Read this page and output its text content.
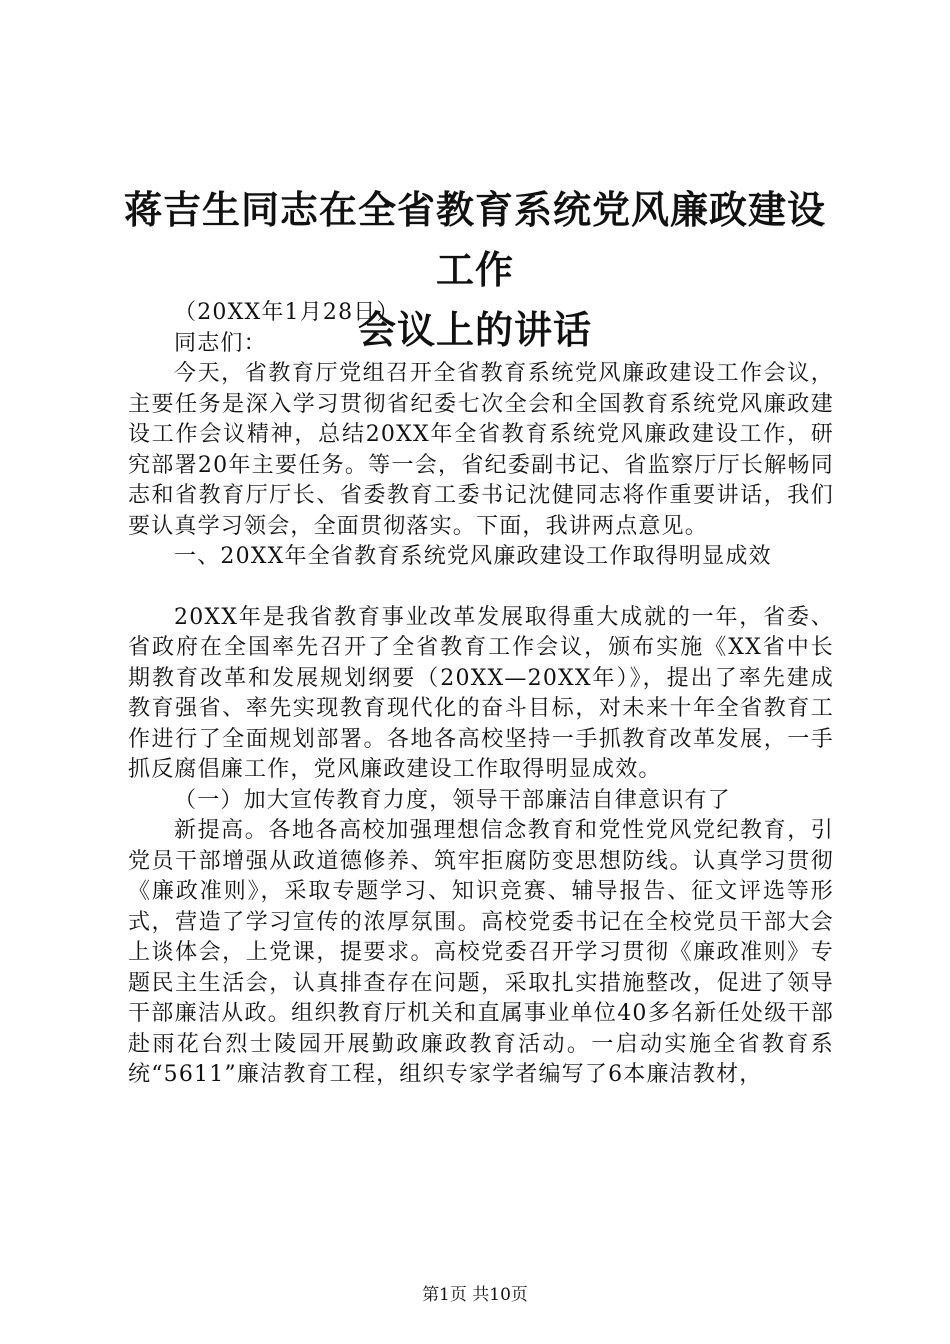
蒋吉生同志在全省教育系统党风廉政建设工作
会议上的讲话

（20XX年1月28日）

同志们：

今天，省教育厅党组召开全省教育系统党风廉政建设工作会议，主要任务是深入学习贯彻省纪委七次全会和全国教育系统党风廉政建设工作会议精神，总结20XX年全省教育系统党风廉政建设工作，研究部署20年主要任务。等一会，省纪委副书记、省监察厅厅长解畅同志和省教育厅厅长、省委教育工委书记沈健同志将作重要讲话，我们要认真学习领会，全面贯彻落实。下面，我讲两点意见。

一、20XX年全省教育系统党风廉政建设工作取得明显成效

20XX年是我省教育事业改革发展取得重大成就的一年，省委、省政府在全国率先召开了全省教育工作会议，颁布实施《XX省中长期教育改革和发展规划纲要（20XX—20XX年）》，提出了率先建成教育强省、率先实现教育现代化的奋斗目标，对未来十年全省教育工作进行了全面规划部署。各地各高校坚持一手抓教育改革发展，一手抓反腐倡廉工作，党风廉政建设工作取得明显成效。

（一）加大宣传教育力度，领导干部廉洁自律意识有了

新提高。各地各高校加强理想信念教育和党性党风党纪教育，引党员干部增强从政道德修养、筑牢拒腐防变思想防线。认真学习贯彻《廉政准则》，采取专题学习、知识竞赛、辅导报告、征文评选等形式，营造了学习宣传的浓厚氛围。高校党委书记在全校党员干部大会上谈体会，上党课，提要求。高校党委召开学习贯彻《廉政准则》专题民主生活会，认真排查存在问题，采取扎实措施整改，促进了领导干部廉洁从政。组织教育厅机关和直属事业单位40多名新任处级干部赴雨花台烈士陵园开展勤政廉政教育活动。一启动实施全省教育系统“5611”廉洁教育工程，组织专家学者编写了6本廉洁教材，

第1页 共10页
